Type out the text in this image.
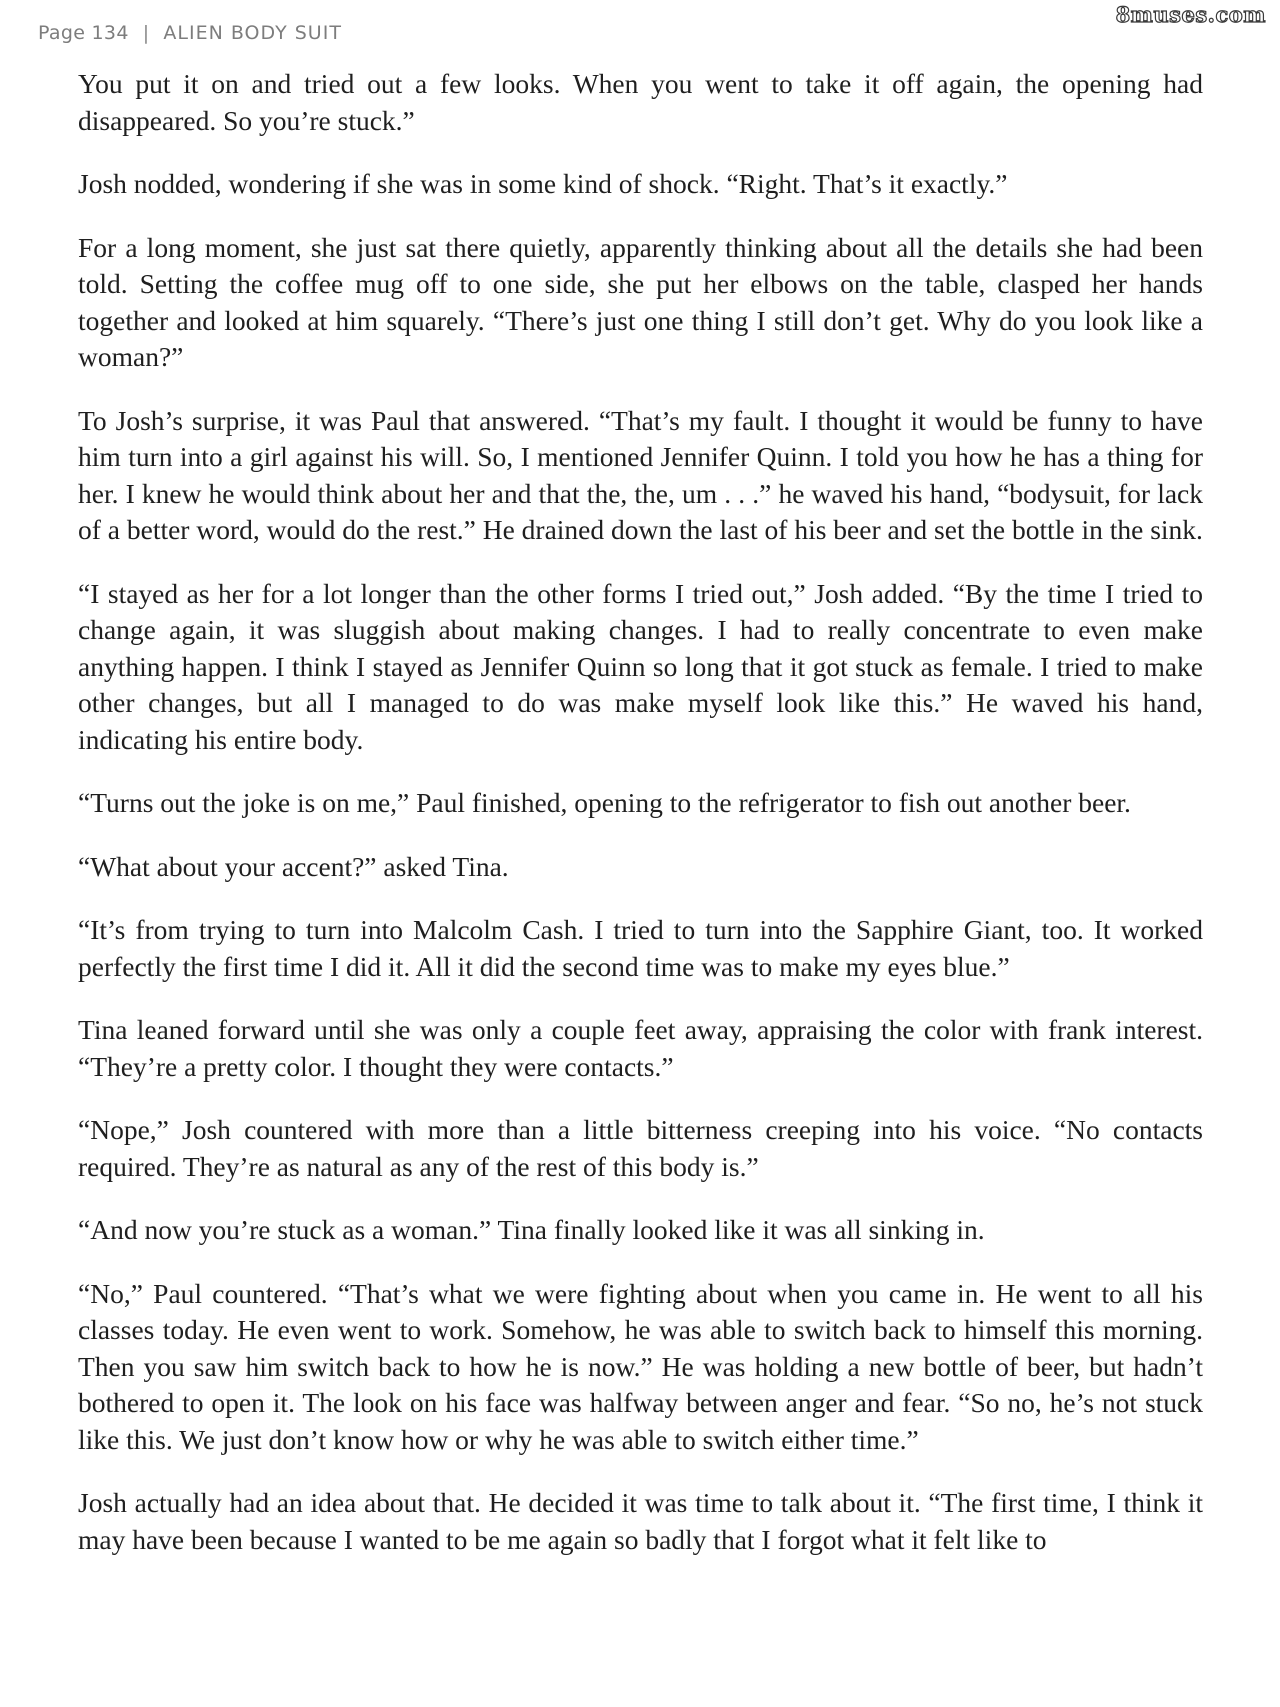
Page 134 | ALIEN BODY SUIT
8muses.com

You put it on and tried out a few looks. When you went to take it off again, the opening had disappeared. So you’re stuck.”

Josh nodded, wondering if she was in some kind of shock. “Right. That’s it exactly.”

For a long moment, she just sat there quietly, apparently thinking about all the details she had been told. Setting the coffee mug off to one side, she put her elbows on the table, clasped her hands together and looked at him squarely. “There’s just one thing I still don’t get. Why do you look like a woman?”

To Josh’s surprise, it was Paul that answered. “That’s my fault. I thought it would be funny to have him turn into a girl against his will. So, I mentioned Jennifer Quinn. I told you how he has a thing for her. I knew he would think about her and that the, the, um . . .” he waved his hand, “bodysuit, for lack of a better word, would do the rest.” He drained down the last of his beer and set the bottle in the sink.

“I stayed as her for a lot longer than the other forms I tried out,” Josh added. “By the time I tried to change again, it was sluggish about making changes. I had to really concentrate to even make anything happen. I think I stayed as Jennifer Quinn so long that it got stuck as female. I tried to make other changes, but all I managed to do was make myself look like this.” He waved his hand, indicating his entire body.

“Turns out the joke is on me,” Paul finished, opening to the refrigerator to fish out another beer.

“What about your accent?” asked Tina.

“It’s from trying to turn into Malcolm Cash. I tried to turn into the Sapphire Giant, too. It worked perfectly the first time I did it. All it did the second time was to make my eyes blue.”

Tina leaned forward until she was only a couple feet away, appraising the color with frank interest. “They’re a pretty color. I thought they were contacts.”

“Nope,” Josh countered with more than a little bitterness creeping into his voice. “No contacts required. They’re as natural as any of the rest of this body is.”

“And now you’re stuck as a woman.” Tina finally looked like it was all sinking in.

“No,” Paul countered. “That’s what we were fighting about when you came in. He went to all his classes today. He even went to work. Somehow, he was able to switch back to himself this morning. Then you saw him switch back to how he is now.” He was holding a new bottle of beer, but hadn’t bothered to open it. The look on his face was halfway between anger and fear. “So no, he’s not stuck like this. We just don’t know how or why he was able to switch either time.”

Josh actually had an idea about that. He decided it was time to talk about it. “The first time, I think it may have been because I wanted to be me again so badly that I forgot what it felt like to
